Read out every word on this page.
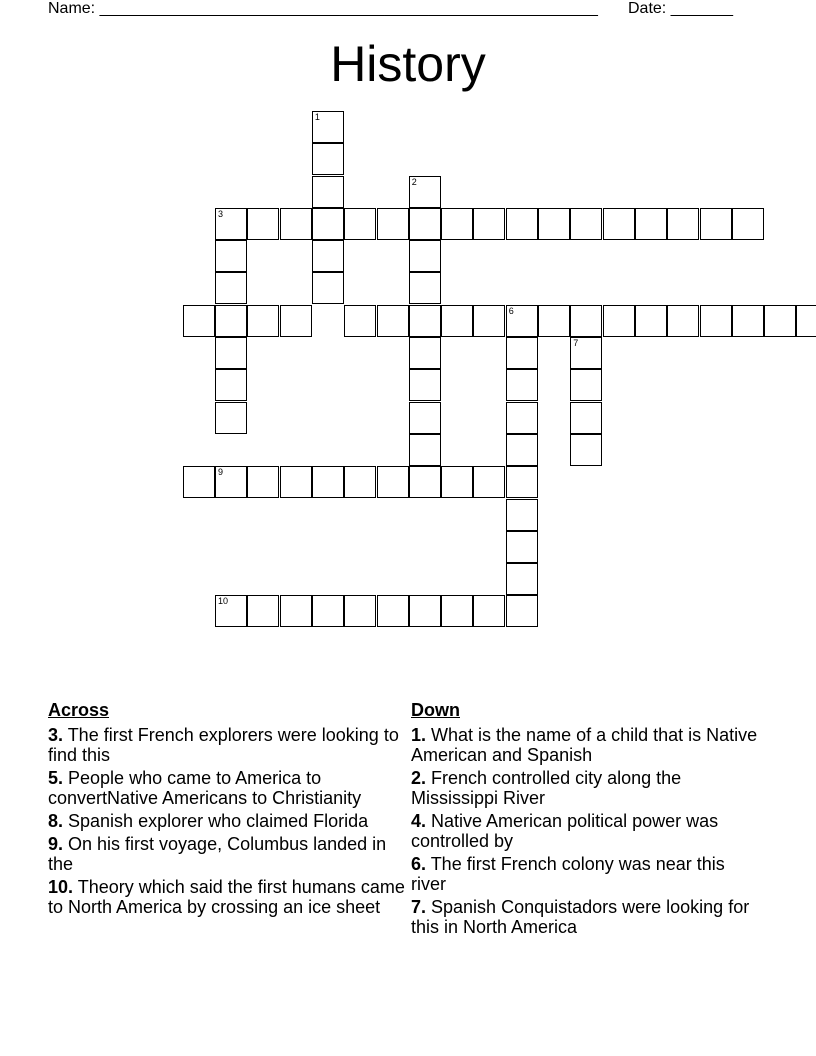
Name: ________________________________________________________ Date: _______
History
1
2
6
7
3
9
10
Across
3. The first French explorers were looking to find this
5. People who came to America to convertNative Americans to Christianity
8. Spanish explorer who claimed Florida
9. On his first voyage, Columbus landed in the
10. Theory which said the first humans came to North America by crossing an ice sheet
Down
1. What is the name of a child that is Native American and Spanish
2. French controlled city along the Mississippi River
4. Native American political power was controlled by
6. The first French colony was near this river
7. Spanish Conquistadors were looking for this in North America
